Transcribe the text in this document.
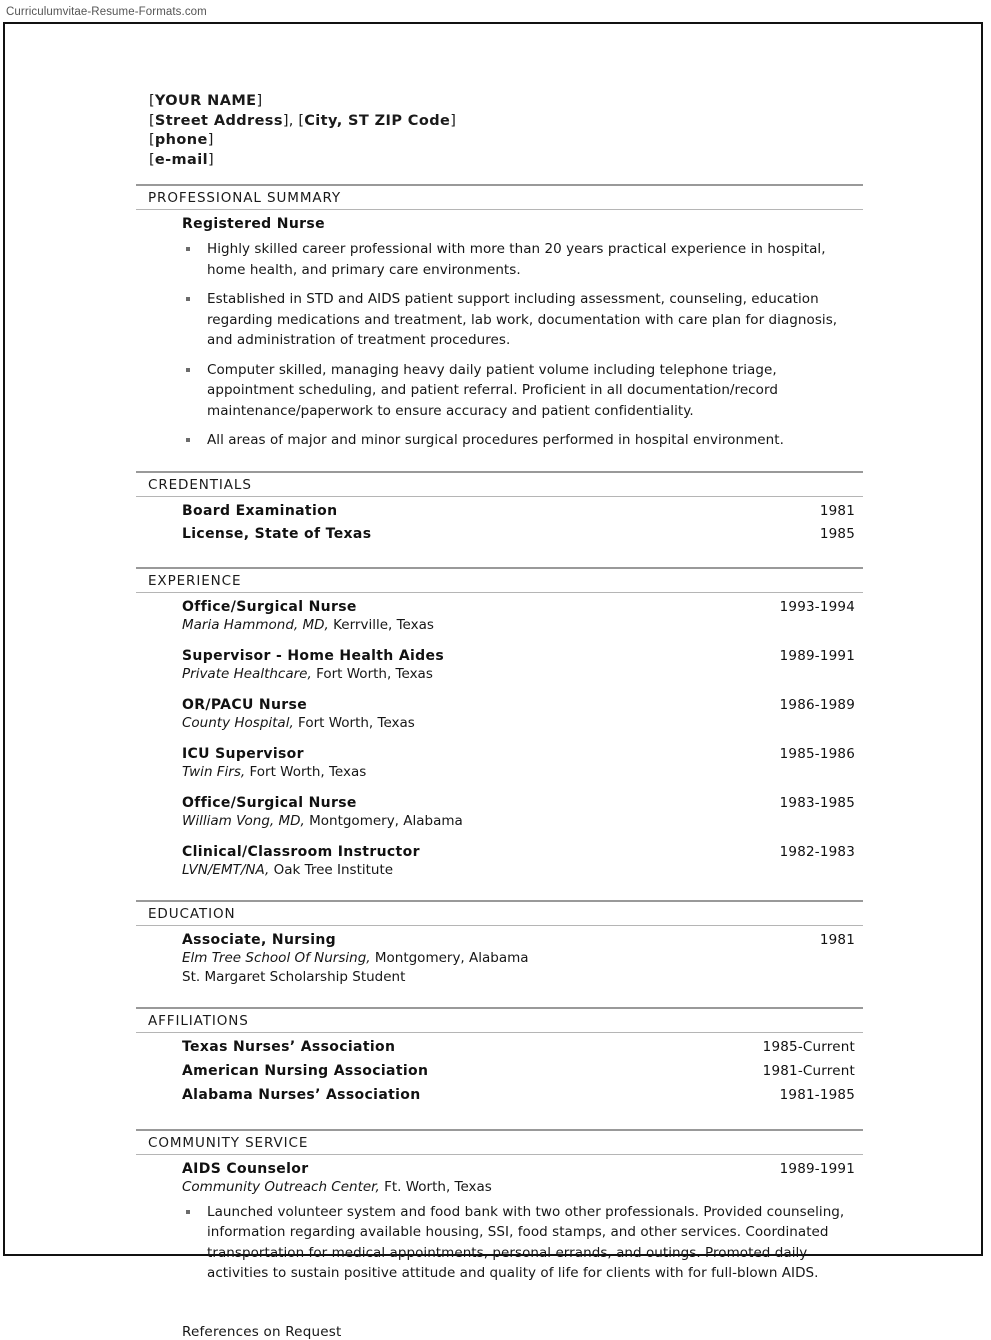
Curriculumvitae-Resume-Formats.com
[YOUR NAME]
[Street Address], [City, ST ZIP Code]
[phone]
[e-mail]
PROFESSIONAL SUMMARY
Registered Nurse
Highly skilled career professional with more than 20 years practical experience in hospital, home health, and primary care environments.
Established in STD and AIDS patient support including assessment, counseling, education regarding medications and treatment, lab work, documentation with care plan for diagnosis, and administration of treatment procedures.
Computer skilled, managing heavy daily patient volume including telephone triage, appointment scheduling, and patient referral. Proficient in all documentation/record maintenance/paperwork to ensure accuracy and patient confidentiality.
All areas of major and minor surgical procedures performed in hospital environment.
CREDENTIALS
Board Examination	1981
License, State of Texas	1985
EXPERIENCE
Office/Surgical Nurse	1993-1994
Maria Hammond, MD, Kerrville, Texas
Supervisor - Home Health Aides	1989-1991
Private Healthcare, Fort Worth, Texas
OR/PACU Nurse	1986-1989
County Hospital, Fort Worth, Texas
ICU Supervisor	1985-1986
Twin Firs, Fort Worth, Texas
Office/Surgical Nurse	1983-1985
William Vong, MD, Montgomery, Alabama
Clinical/Classroom Instructor	1982-1983
LVN/EMT/NA, Oak Tree Institute
EDUCATION
Associate, Nursing	1981
Elm Tree School Of Nursing, Montgomery, Alabama
St. Margaret Scholarship Student
AFFILIATIONS
Texas Nurses’ Association	1985-Current
American Nursing Association	1981-Current
Alabama Nurses’ Association	1981-1985
COMMUNITY SERVICE
AIDS Counselor	1989-1991
Community Outreach Center, Ft. Worth, Texas
Launched volunteer system and food bank with two other professionals. Provided counseling, information regarding available housing, SSI, food stamps, and other services. Coordinated transportation for medical appointments, personal errands, and outings. Promoted daily activities to sustain positive attitude and quality of life for clients with for full-blown AIDS.
References on Request
